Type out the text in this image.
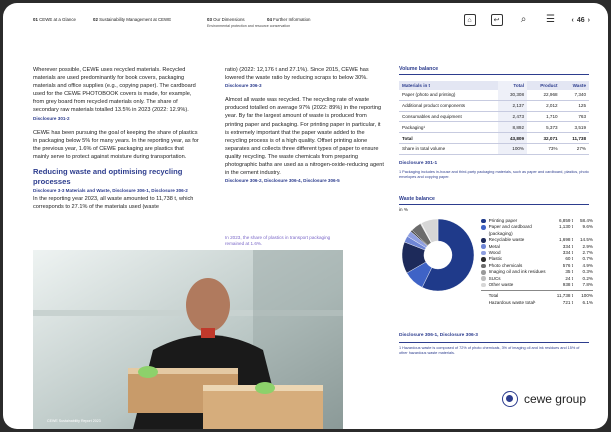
01 CEWE at a Glance	02 Sustainability Management at CEWE	03 Our Dimensions
Environmental protection and resource conservation
04 Further Information	⌂	↩	⌕	☰ ‹ 46 ›
Wherever possible, CEWE uses recycled materials. Recycled materials are used predominantly for book covers, packaging materials and office supplies (e.g., copying paper). The cardboard used for the CEWE PHOTOBOOK covers is made, for example, from grey board from recycled materials only. The share of secondary raw materials totalled 13.5% in 2023 (2022: 12.9%). Disclosure 301-2
CEWE has been pursuing the goal of keeping the share of plastics in packaging below 5% for many years. In the reporting year, as for the previous year, 1.6% of CEWE packaging are plastics that mainly serve to protect against moisture during transportation.
Reducing waste and optimising recycling processes
Disclosure 3-3 Materials and Waste, Disclosure 306-1, Disclosure 306-2
In the reporting year 2023, all waste amounted to 11,738 t, which corresponds to 27.1% of the materials used (waste
ratio) (2022: 12,176 t and 27.1%). Since 2015, CEWE has lowered the waste ratio by reducing scraps to below 30%.
Disclosure 306-3
Almost all waste was recycled. The recycling rate of waste produced totalled on average 97% (2022: 89%) in the reporting year. By far the largest amount of waste is produced from printing paper and packaging. For printing paper in particular, it is extremely important that the paper waste added to the recycling process is of a high quality. Offset printing alone separates and collects three different types of paper to ensure quality recycling. The waste chemicals from preparing photographic baths are used as a nitrogen-oxide-reducing agent in the cement industry.
Disclosure 306-2, Disclosure 306-4, Disclosure 306-5
In 2023, the share of plastics in transport packaging remained at 1.6%.
CEWE Sustainability Report 2023
Volume balance
Materials in t	Total	Product	Waste
Paper (photo and printing)	30,308	22,968	7,340
Additional product components	2,137	2,012	125
Consumables and equipment	2,473	1,710	763
Packaging¹	8,892	5,373	3,519
Total	43,809	32,071	11,738
Share in total volume	100%	73%	27%
Disclosure 301-1
1 Packaging includes in-house and third-party packaging materials, such as paper and cardboard, plastics, photo envelopes and copying paper.
Waste balance
in %
Printing paper	6,859 t	58.4%
Paper and cardboard (packaging)
1,130 t	9.6%
Recyclable waste	1,698 t	14.5%
Metal	334 t	2.9%
Wood	334 t	2.7%
Plastic	60 t	0.7%
Photo chemicals	576 t	4.9%
Imaging oil and ink residues	35 t	0.3%
SUCs	24 t	0.2%
Other waste	938 t	7.8%
Total	11,738 t	100%
Hazardous waste total¹	721 t	6.1%
Disclosure 306-1, Disclosure 306-3
1 Hazardous waste is composed of 72% of photo chemicals, 3% of imaging oil and ink residues and 15% of other hazardous waste materials.
cewe group
